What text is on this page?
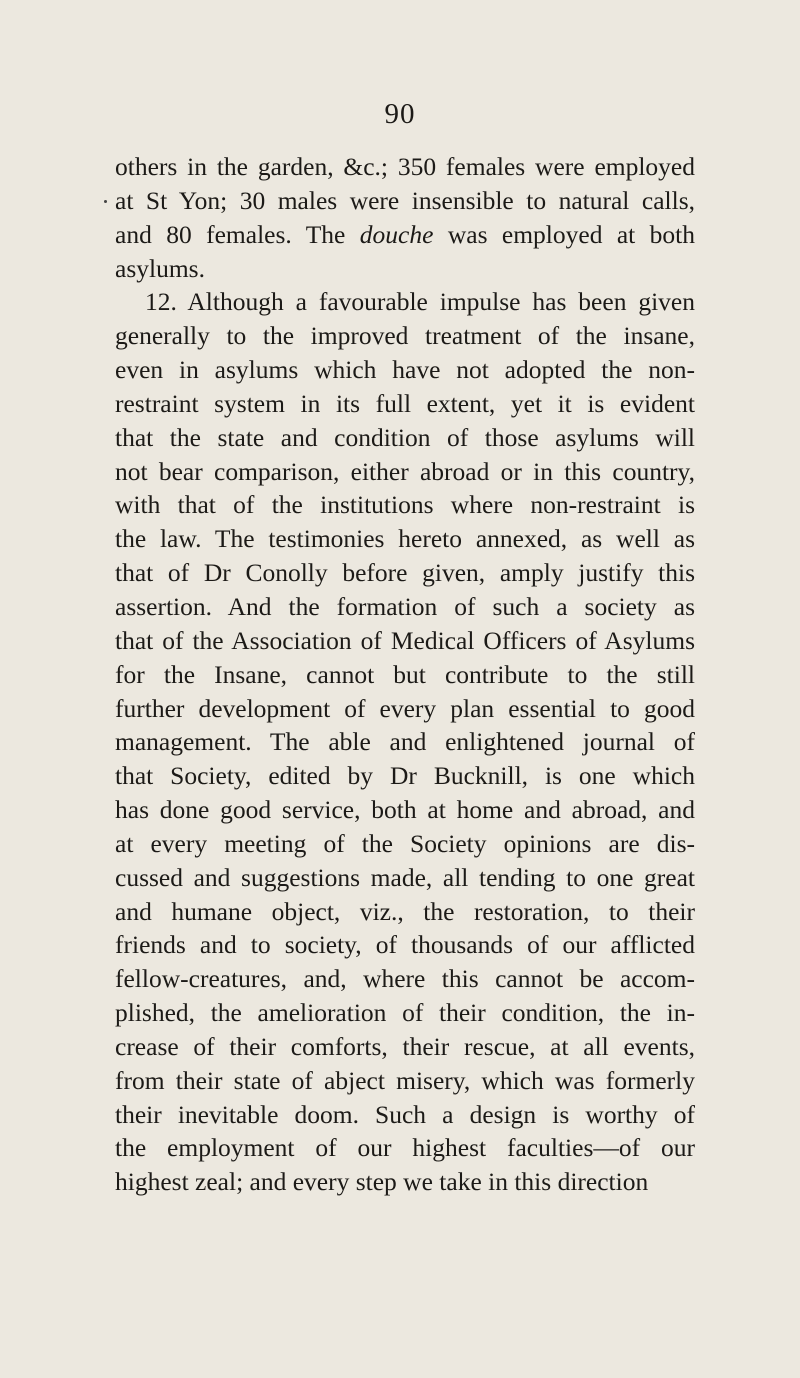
90
others in the garden, &c.; 350 females were employed
at St Yon; 30 males were insensible to natural calls,
and 80 females. The douche was employed at both
asylums.
12. Although a favourable impulse has been given
generally to the improved treatment of the insane,
even in asylums which have not adopted the non-
restraint system in its full extent, yet it is evident
that the state and condition of those asylums will
not bear comparison, either abroad or in this country,
with that of the institutions where non-restraint is
the law. The testimonies hereto annexed, as well as
that of Dr Conolly before given, amply justify this
assertion. And the formation of such a society as
that of the Association of Medical Officers of Asylums
for the Insane, cannot but contribute to the still
further development of every plan essential to good
management. The able and enlightened journal of
that Society, edited by Dr Bucknill, is one which
has done good service, both at home and abroad, and
at every meeting of the Society opinions are dis-
cussed and suggestions made, all tending to one great
and humane object, viz., the restoration, to their
friends and to society, of thousands of our afflicted
fellow-creatures, and, where this cannot be accom-
plished, the amelioration of their condition, the in-
crease of their comforts, their rescue, at all events,
from their state of abject misery, which was formerly
their inevitable doom. Such a design is worthy of
the employment of our highest faculties—of our
highest zeal; and every step we take in this direction
